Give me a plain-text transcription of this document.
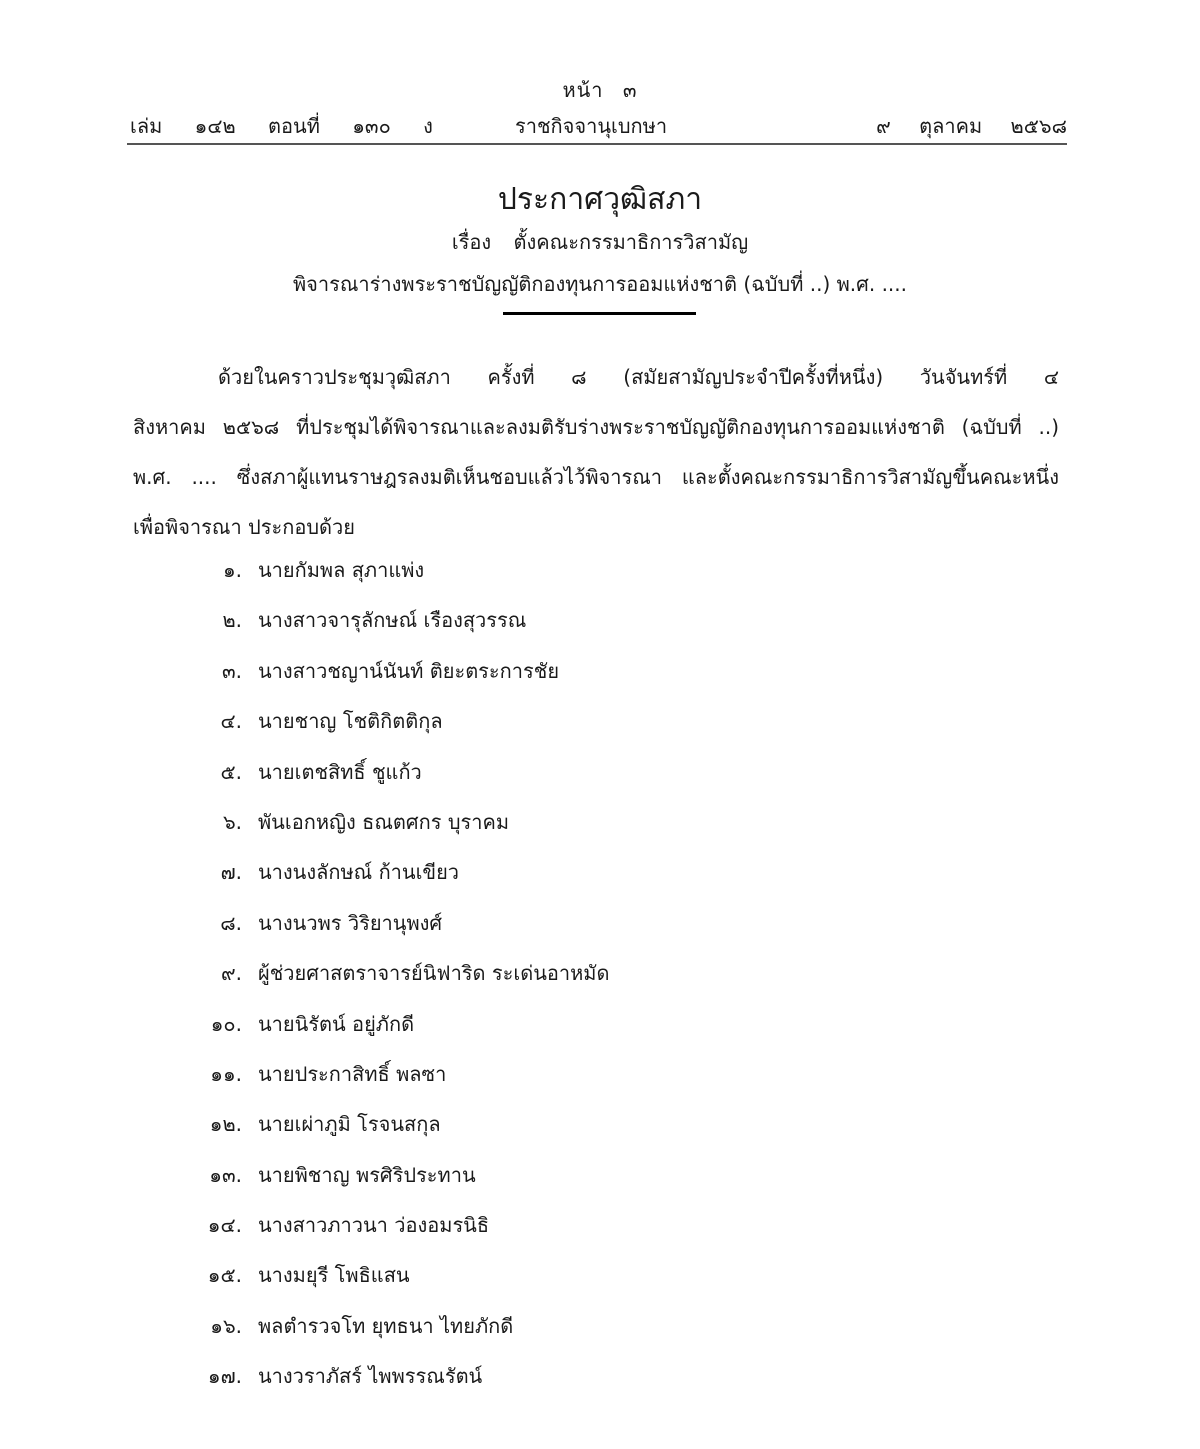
หน้า ๓
เล่ม ๑๔๒ ตอนที่ ๑๓๐ ง	ราชกิจจานุเบกษา	๙ ตุลาคม ๒๕๖๘
ประกาศวุฒิสภา
เรื่อง ตั้งคณะกรรมาธิการวิสามัญ
พิจารณาร่างพระราชบัญญัติกองทุนการออมแห่งชาติ (ฉบับที่ ..) พ.ศ. ....
ด้วยในคราวประชุมวุฒิสภา ครั้งที่ ๘ (สมัยสามัญประจำปีครั้งที่หนึ่ง) วันจันทร์ที่ ๔
สิงหาคม ๒๕๖๘ ที่ประชุมได้พิจารณาและลงมติรับร่างพระราชบัญญัติกองทุนการออมแห่งชาติ (ฉบับที่ ..)
พ.ศ. .... ซึ่งสภาผู้แทนราษฎรลงมติเห็นชอบแล้วไว้พิจารณา และตั้งคณะกรรมาธิการวิสามัญขึ้นคณะหนึ่ง
เพื่อพิจารณา ประกอบด้วย
๑. นายกัมพล สุภาแพ่ง
๒. นางสาวจารุลักษณ์ เรืองสุวรรณ
๓. นางสาวชญาน์นันท์ ติยะตระการชัย
๔. นายชาญ โชติกิตติกุล
๕. นายเตชสิทธิ์ ชูแก้ว
๖. พันเอกหญิง ธณตศกร บุราคม
๗. นางนงลักษณ์ ก้านเขียว
๘. นางนวพร วิริยานุพงศ์
๙. ผู้ช่วยศาสตราจารย์นิฟาริด ระเด่นอาหมัด
๑๐. นายนิรัตน์ อยู่ภักดี
๑๑. นายประกาสิทธิ์ พลซา
๑๒. นายเผ่าภูมิ โรจนสกุล
๑๓. นายพิชาญ พรศิริประทาน
๑๔. นางสาวภาวนา ว่องอมรนิธิ
๑๕. นางมยุรี โพธิแสน
๑๖. พลตำรวจโท ยุทธนา ไทยภักดี
๑๗. นางวราภัสร์ ไพพรรณรัตน์
